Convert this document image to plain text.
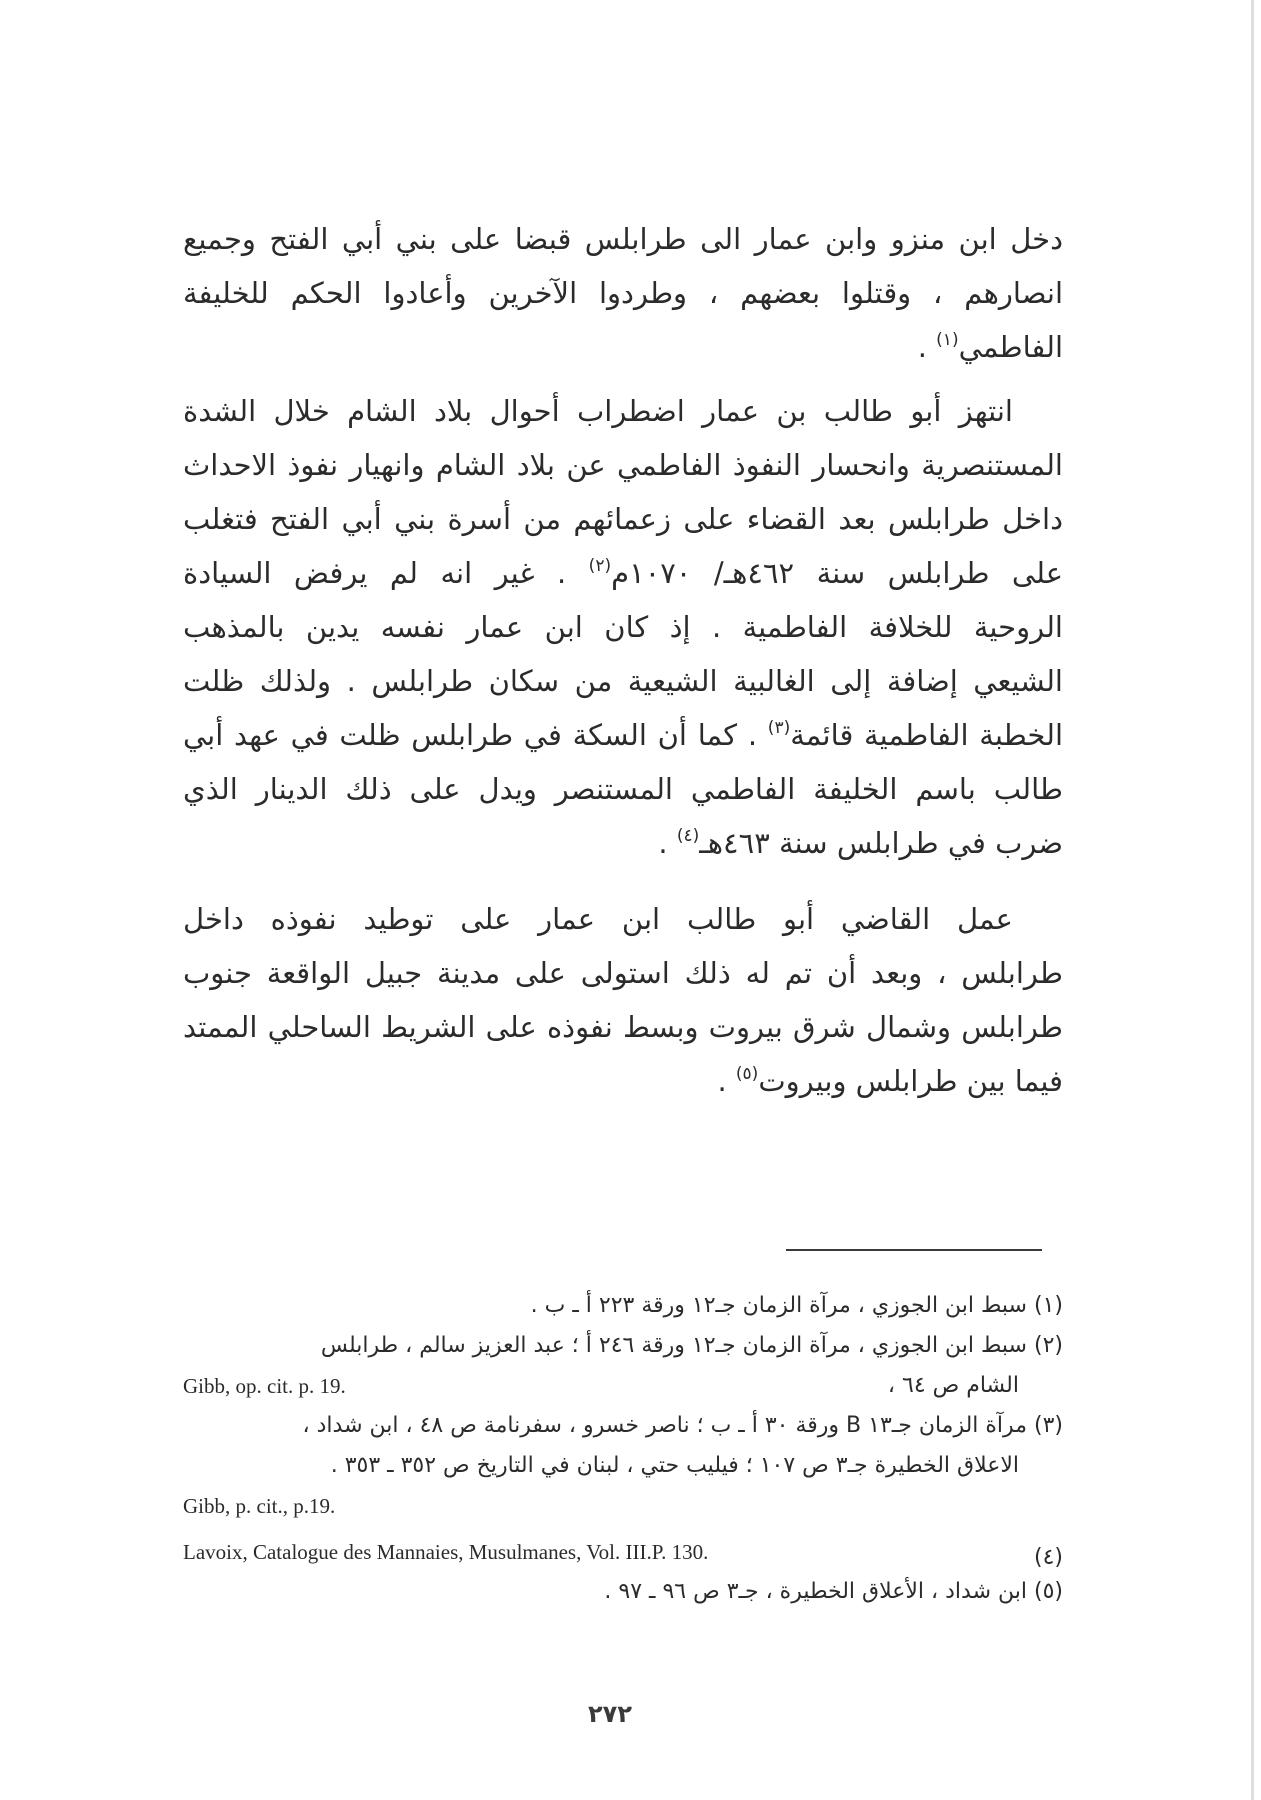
دخل ابن منزو وابن عمار الى طرابلس قبضا على بني أبي الفتح وجميع
انصارهم ، وقتلوا بعضهم ، وطردوا الآخرين وأعادوا الحكم للخليفة
الفاطمي$^{(١)}$ .
انتهز أبو طالب بن عمار اضطراب أحوال بلاد الشام خلال الشدة
المستنصرية وانحسار النفوذ الفاطمي عن بلاد الشام وانهيار نفوذ الاحداث
داخل طرابلس بعد القضاء على زعمائهم من أسرة بني أبي الفتح فتغلب
على طرابلس سنة ٤٦٢هـ/ ١٠٧٠م$^{(٢)}$ . غير انه لم يرفض السيادة
الروحية للخلافة الفاطمية . إذ كان ابن عمار نفسه يدين بالمذهب
الشيعي إضافة إلى الغالبية الشيعية من سكان طرابلس . ولذلك ظلت
الخطبة الفاطمية قائمة$^{(٣)}$ . كما أن السكة في طرابلس ظلت في عهد أبي
طالب باسم الخليفة الفاطمي المستنصر ويدل على ذلك الدينار الذي
ضرب في طرابلس سنة ٤٦٣هـ$^{(٤)}$ .
عمل القاضي أبو طالب ابن عمار على توطيد نفوذه داخل
طرابلس ، وبعد أن تم له ذلك استولى على مدينة جبيل الواقعة جنوب
طرابلس وشمال شرق بيروت وبسط نفوذه على الشريط الساحلي الممتد
فيما بين طرابلس وبيروت$^{(٥)}$ .
(١) سبط ابن الجوزي ، مرآة الزمان جـ١٢ ورقة ٢٢٣ أ ـ ب .
(٢) سبط ابن الجوزي ، مرآة الزمان جـ١٢ ورقة ٢٤٦ أ ؛ عبد العزيز سالم ، طرابلس
الشام ص ٦٤ ،
Gibb, op. cit. p. 19.
(٣) مرآة الزمان جـ١٣ B ورقة ٣٠ أ ـ ب ؛ ناصر خسرو ، سفرنامة ص ٤٨ ، ابن شداد ،
الاعلاق الخطيرة جـ٣ ص ١٠٧ ؛ فيليب حتي ، لبنان في التاريخ ص ٣٥٢ ـ ٣٥٣ .
Gibb, p. cit., p.19.
(٤)
Lavoix, Catalogue des Mannaies, Musulmanes, Vol. III.P. 130.
(٥) ابن شداد ، الأعلاق الخطيرة ، جـ٣ ص ٩٦ ـ ٩٧ .
٢٧٢
